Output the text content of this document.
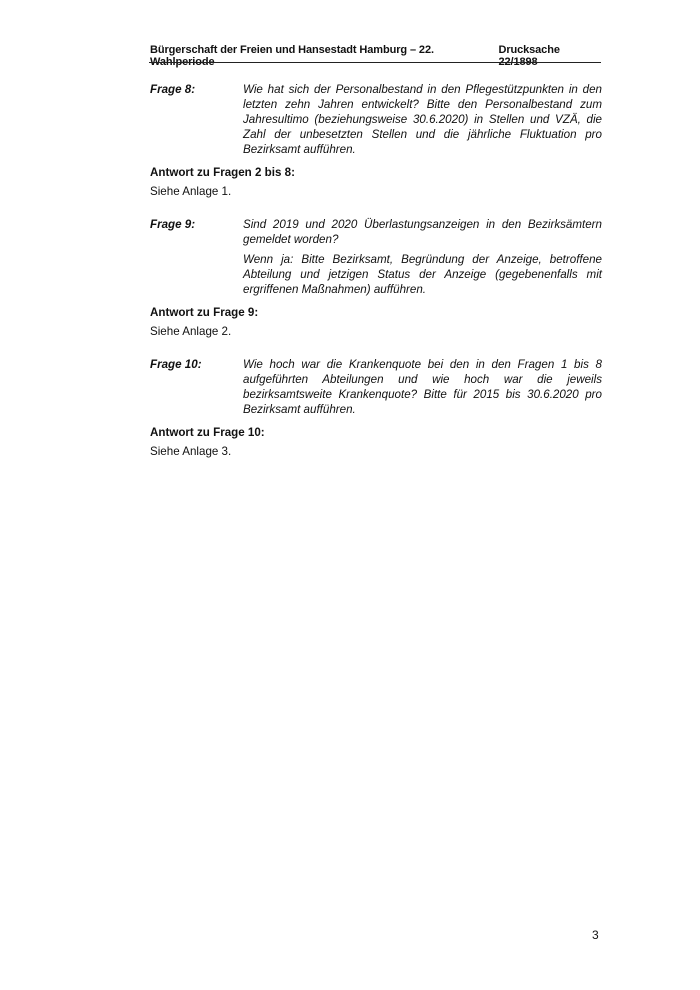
Bürgerschaft der Freien und Hansestadt Hamburg – 22. Wahlperiode
Drucksache 22/1898
Frage 8:	Wie hat sich der Personalbestand in den Pflegestützpunkten in den letzten zehn Jahren entwickelt? Bitte den Personalbestand zum Jahresultimo (beziehungsweise 30.6.2020) in Stellen und VZÄ, die Zahl der unbesetzten Stellen und die jährliche Fluktuation pro Bezirksamt aufführen.

Antwort zu Fragen 2 bis 8:
Siehe Anlage 1.
Frage 9:	Sind 2019 und 2020 Überlastungsanzeigen in den Bezirksämtern gemeldet worden?

Wenn ja: Bitte Bezirksamt, Begründung der Anzeige, betroffene Abteilung und jetzigen Status der Anzeige (gegebenenfalls mit ergriffenen Maßnahmen) aufführen.

Antwort zu Frage 9:
Siehe Anlage 2.
Frage 10:	Wie hoch war die Krankenquote bei den in den Fragen 1 bis 8 aufgeführten Abteilungen und wie hoch war die jeweils bezirksamtsweite Krankenquote? Bitte für 2015 bis 30.6.2020 pro Bezirksamt aufführen.

Antwort zu Frage 10:
Siehe Anlage 3.
3
